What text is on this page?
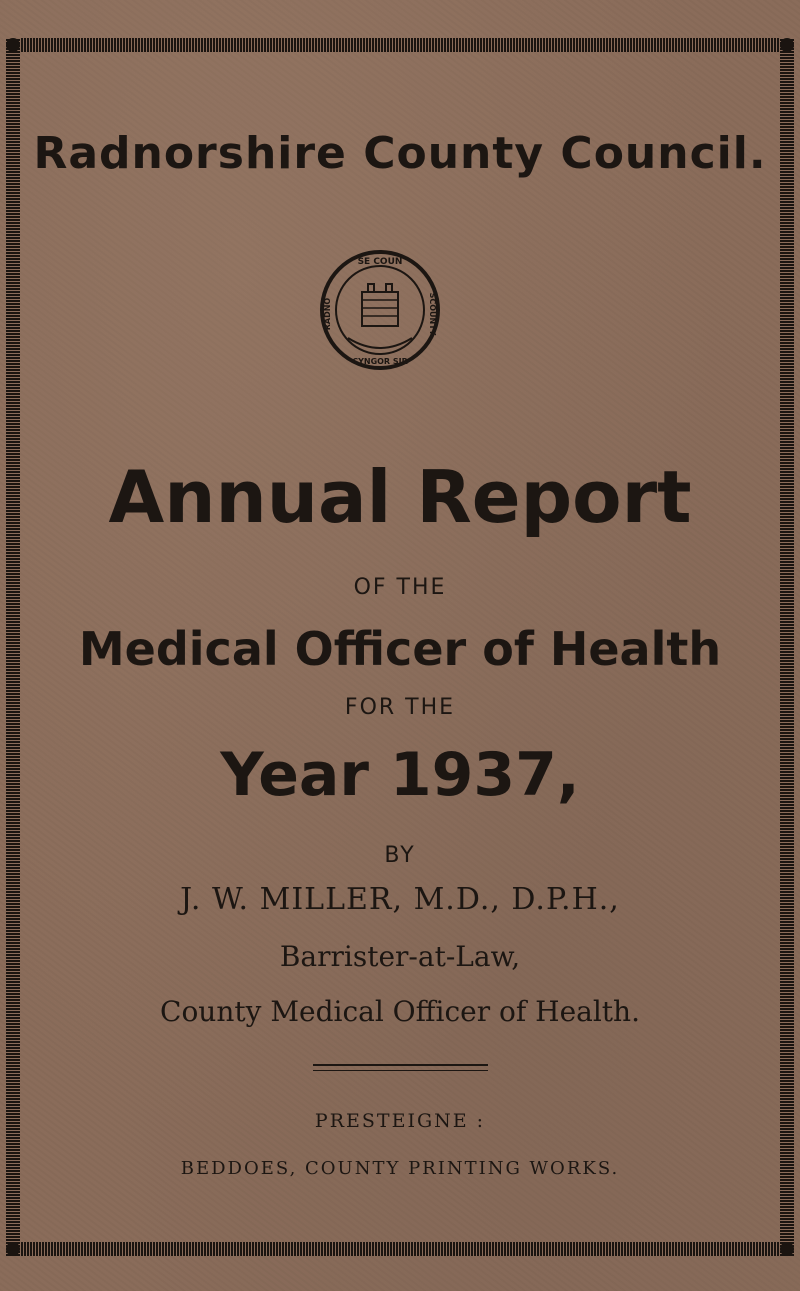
Radnorshire County Council.
SE COUN
RADNO	SCOUNTY
CYNGOR SIR
Annual Report
OF THE
Medical Officer of Health
FOR THE
Year 1937,
BY
J. W. MILLER, M.D., D.P.H.,
Barrister-at-Law,
County Medical Officer of Health.
PRESTEIGNE :
BEDDOES, COUNTY PRINTING WORKS.
